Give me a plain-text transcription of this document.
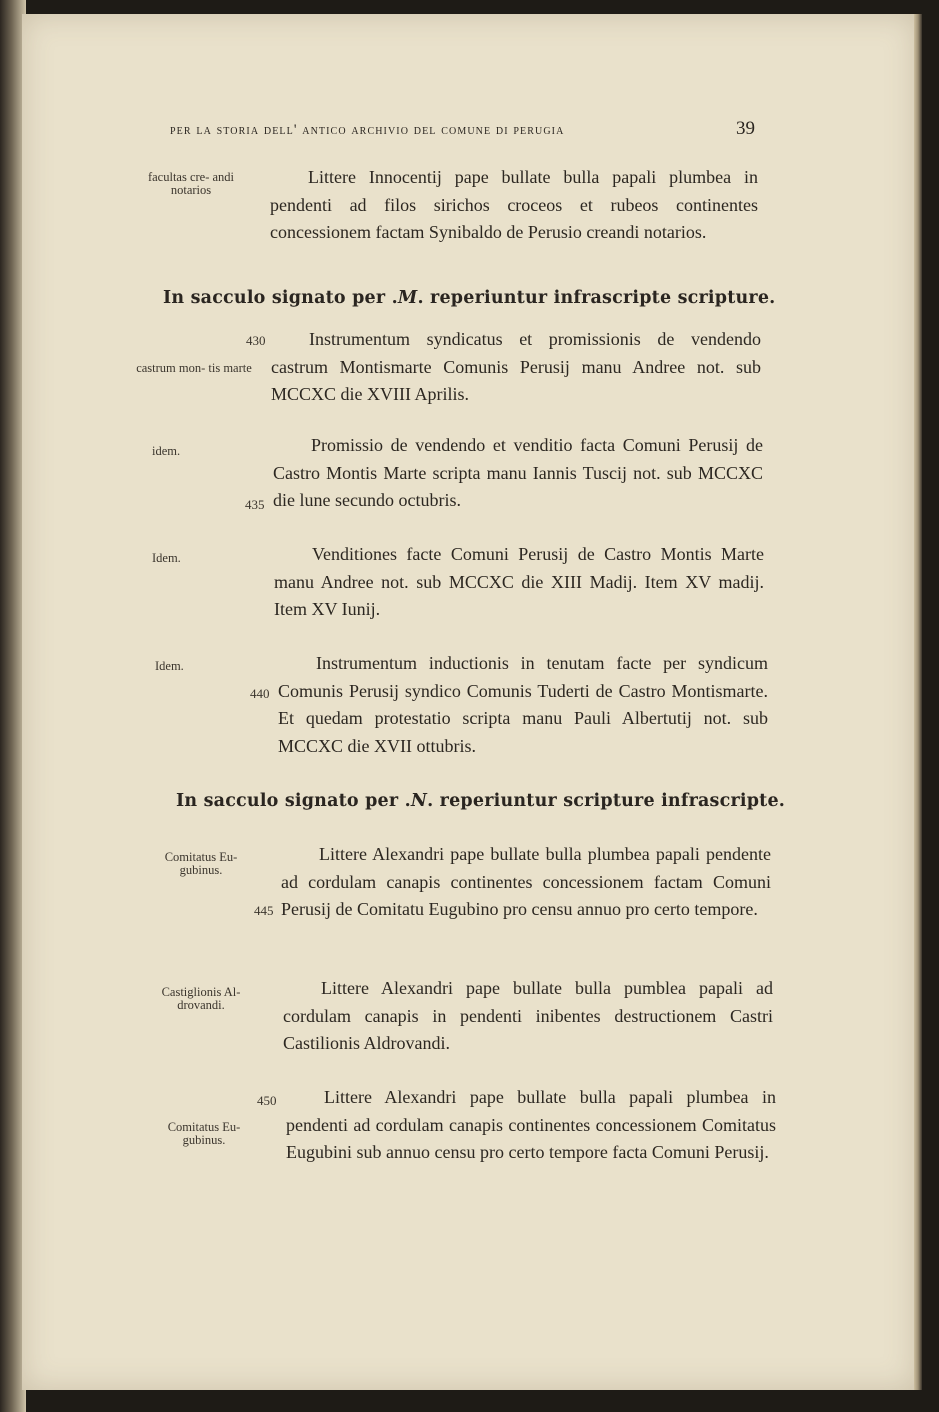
per la storia dell' antico archivio del comune di perugia	39
facultas cre- andi notarios
Littere Innocentij pape bullate bulla papali plumbea in pendenti ad filos sirichos croceos et rubeos continentes concessionem factam Synibaldo de Perusio creandi notarios.
In sacculo signato per .M. reperiuntur infrascripte scripture.
430
castrum mon- tis marte
Instrumentum syndicatus et promissionis de vendendo castrum Montismarte Comunis Perusij manu Andree not. sub MCCXC die XVIII Aprilis.
idem.
435
Promissio de vendendo et venditio facta Comuni Perusij de Castro Montis Marte scripta manu Iannis Tuscij not. sub MCCXC die lune secundo octubris.
Idem.	Venditiones facte Comuni Perusij de Castro Montis Marte manu Andree not. sub MCCXC die XIII Madij. Item XV madij. Item XV Iunij.
Idem.
440
Instrumentum inductionis in tenutam facte per syndicum Comunis Perusij syndico Comunis Tuderti de Castro Montismarte. Et quedam protestatio scripta manu Pauli Albertutij not. sub MCCXC die XVII ottubris.
In sacculo signato per .N. reperiuntur scripture infrascripte.
Comitatus Eu- gubinus.
445
Littere Alexandri pape bullate bulla plumbea papali pendente ad cordulam canapis continentes concessionem factam Comuni Perusij de Comitatu Eugubino pro censu annuo pro certo tempore.
Castiglionis Al- drovandi.
Littere Alexandri pape bullate bulla pumblea papali ad cordulam canapis in pendenti inibentes destructionem Castri Castilionis Aldrovandi.
450
Comitatus Eu- gubinus.
Littere Alexandri pape bullate bulla papali plumbea in pendenti ad cordulam canapis continentes concessionem Comitatus Eugubini sub annuo censu pro certo tempore facta Comuni Perusij.
